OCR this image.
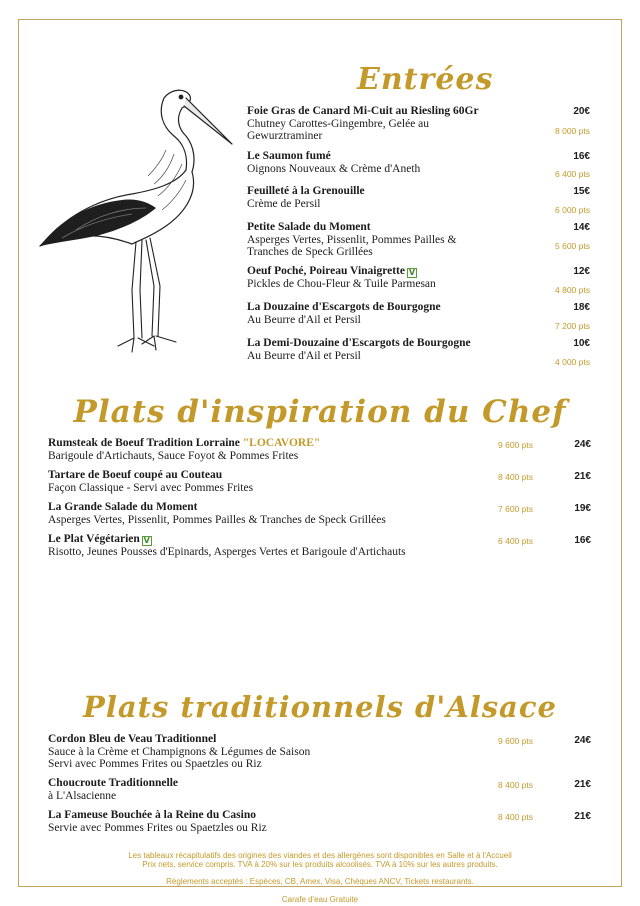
Entrées
Foie Gras de Canard Mi-Cuit au Riesling 60Gr
Chutney Carottes-Gingembre, Gelée au Gewurztraminer
20€
8 000 pts
Le Saumon fumé
Oignons Nouveaux & Crème d'Aneth
16€
6 400 pts
Feuilleté à la Grenouille
Crème de Persil
15€
6 000 pts
Petite Salade du Moment
Asperges Vertes, Pissenlit, Pommes Pailles & Tranches de Speck Grillées
14€
5 600 pts
Oeuf Poché, Poireau Vinaigrette V
Pickles de Chou-Fleur & Tuile Parmesan
12€
4 800 pts
La Douzaine d'Escargots de Bourgogne
Au Beurre d'Ail et Persil
18€
7 200 pts
La Demi-Douzaine d'Escargots de Bourgogne
Au Beurre d'Ail et Persil
10€
4 000 pts
Plats d'inspiration du Chef
Rumsteak de Boeuf Tradition Lorraine "LOCAVORE"
Barigoule d'Artichauts, Sauce Foyot & Pommes Frites
9 600 pts	24€
Tartare de Boeuf coupé au Couteau
Façon Classique - Servi avec Pommes Frites
8 400 pts	21€
La Grande Salade du Moment
Asperges Vertes, Pissenlit, Pommes Pailles & Tranches de Speck Grillées
7 600 pts	19€
Le Plat Végétarien V
Risotto, Jeunes Pousses d'Epinards, Asperges Vertes et Barigoule d'Artichauts
6 400 pts	16€
Plats traditionnels d'Alsace
Cordon Bleu de Veau Traditionnel
Sauce à la Crème et Champignons & Légumes de Saison
Servi avec Pommes Frites ou Spaetzles ou Riz
9 600 pts	24€
Choucroute Traditionnelle
à L'Alsacienne
8 400 pts	21€
La Fameuse Bouchée à la Reine du Casino
Servie avec Pommes Frites ou Spaetzles ou Riz
8 400 pts	21€
Les tableaux récapitulatifs des origines des viandes et des allergènes sont disponibles en Salle et à l'Accueil
Prix nets, service compris. TVA à 20% sur les produits alcoolisés. TVA à 10% sur les autres produits.
Règlements acceptés : Espèces, CB, Amex, Visa, Chèques ANCV, Tickets restaurants.
Carafe d'eau Gratuite
